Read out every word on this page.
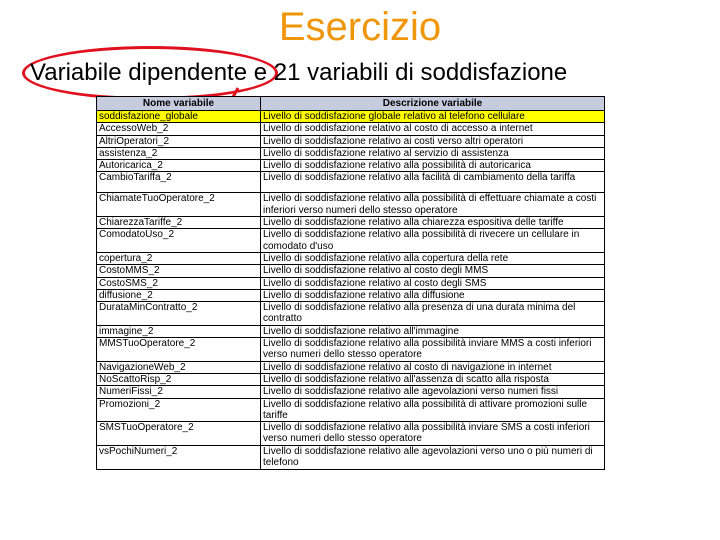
Esercizio
Variabile dipendente e 21 variabili di soddisfazione
Nome variabile	Descrizione variabile
soddisfazione_globale	Livello di soddisfazione globale relativo al telefono cellulare
AccessoWeb_2	Livello di soddisfazione relativo al costo di accesso a internet
AltriOperatori_2	Livello di soddisfazione relativo ai costi verso altri operatori
assistenza_2	Livello di soddisfazione relativo al servizio di assistenza
Autoricarica_2	Livello di soddisfazione relativo alla possibilità di autoricarica
CambioTariffa_2	Livello di soddisfazione relativo alla facilità di cambiamento della tariffa
ChiamateTuoOperatore_2	Livello di soddisfazione relativo alla possibilità di effettuare chiamate a costi inferiori verso numeri dello stesso operatore
ChiarezzaTariffe_2	Livello di soddisfazione relativo alla chiarezza espositiva delle tariffe
ComodatoUso_2	Livello di soddisfazione relativo alla possibilità di rivecere un cellulare in comodato d'uso
copertura_2	Livello di soddisfazione relativo alla copertura della rete
CostoMMS_2	Livello di soddisfazione relativo al costo degli MMS
CostoSMS_2	Livello di soddisfazione relativo al costo degli SMS
diffusione_2	Livello di soddisfazione relativo alla diffusione
DurataMinContratto_2	Livello di soddisfazione relativo alla presenza di una durata minima del contratto
immagine_2	Livello di soddisfazione relativo all'immagine
MMSTuoOperatore_2	Livello di soddisfazione relativo alla possibilità inviare MMS a costi inferiori verso numeri dello stesso operatore
NavigazioneWeb_2	Livello di soddisfazione relativo al costo di navigazione in internet
NoScattoRisp_2	Livello di soddisfazione relativo all'assenza di scatto alla risposta
NumeriFissi_2	Livello di soddisfazione relativo alle agevolazioni verso numeri fissi
Promozioni_2	Livello di soddisfazione relativo alla possibilità di attivare promozioni sulle tariffe
SMSTuoOperatore_2	Livello di soddisfazione relativo alla possibilità inviare SMS a costi inferiori verso numeri dello stesso operatore
vsPochiNumeri_2	Livello di soddisfazione relativo alle agevolazioni verso uno o più numeri di telefono
